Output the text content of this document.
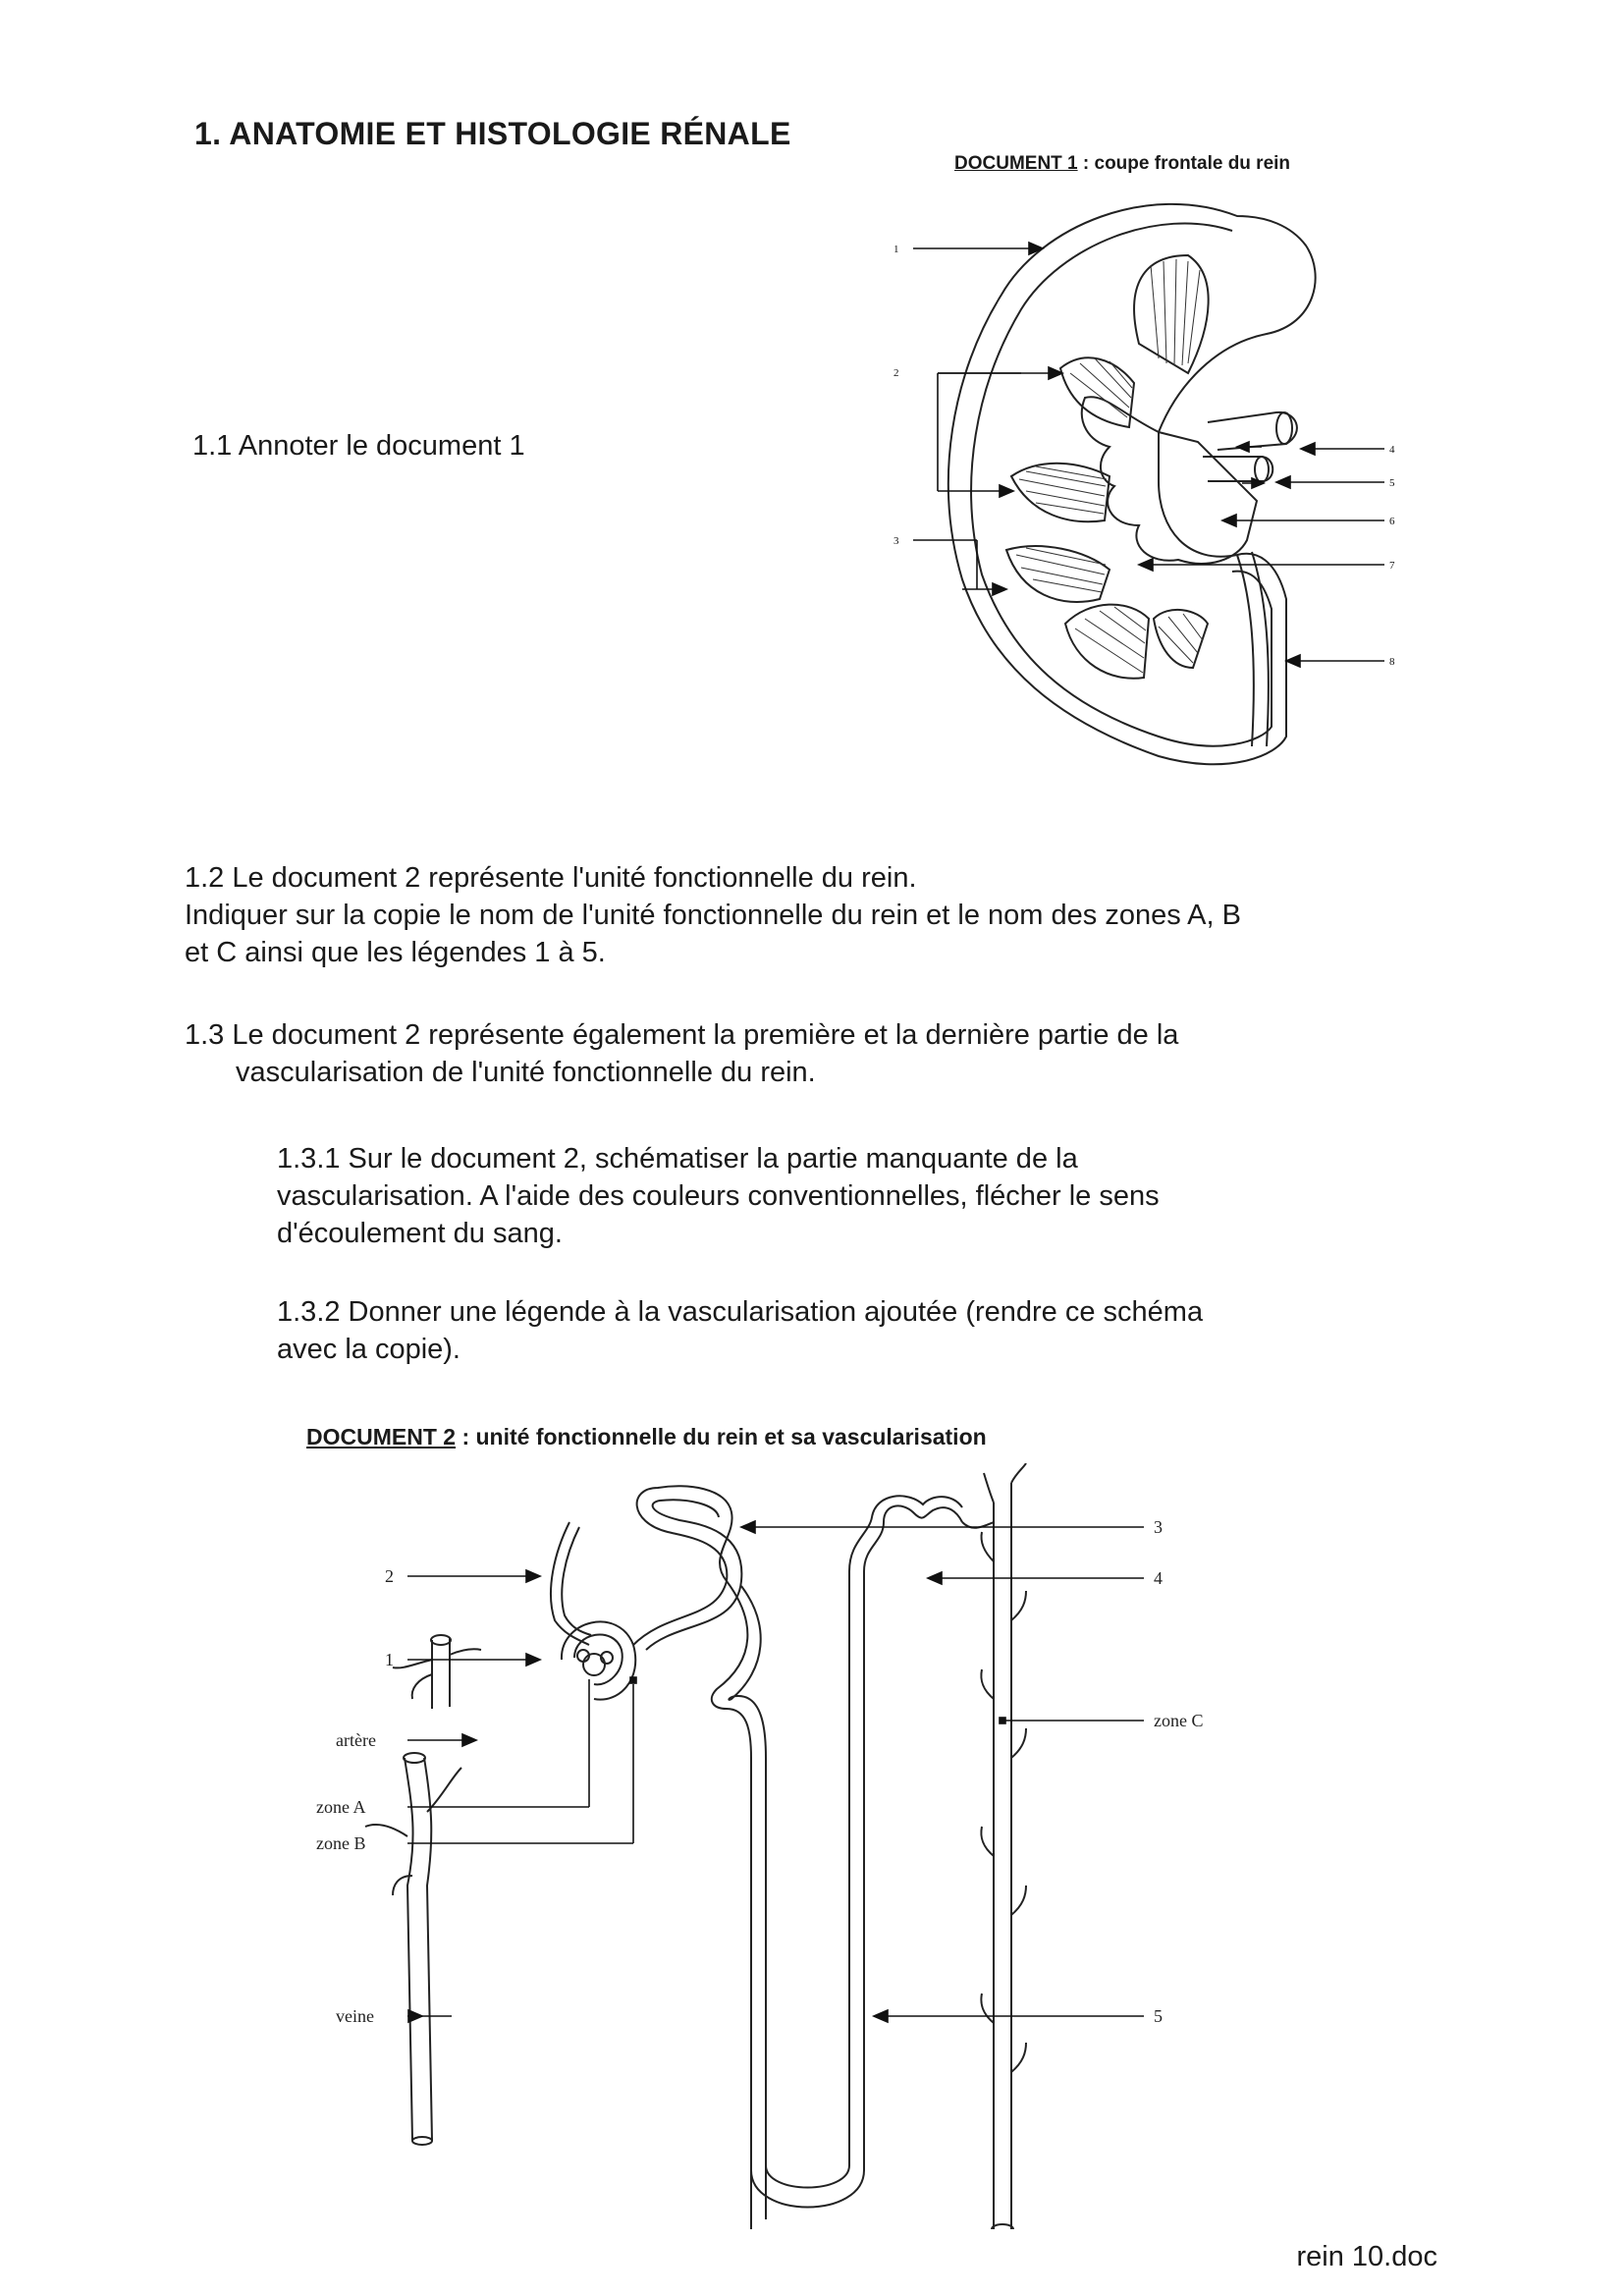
1. ANATOMIE ET HISTOLOGIE RÉNALE
DOCUMENT 1 : coupe frontale du rein
1
2
3
4
5
6
7
8
1.1 Annoter le document 1
1.2 Le document 2 représente l'unité fonctionnelle du rein.
Indiquer sur la copie le nom de l'unité fonctionnelle du rein et le nom des zones A, B
et C ainsi que les légendes 1 à 5.
1.3 Le document 2 représente également la première et la dernière partie de la
vascularisation de l'unité fonctionnelle du rein.
1.3.1 Sur le document 2, schématiser la partie manquante de la
vascularisation. A l'aide des couleurs conventionnelles, flécher le sens
d'écoulement du sang.
1.3.2 Donner une légende à la vascularisation ajoutée (rendre ce schéma
avec la copie).
DOCUMENT 2 : unité fonctionnelle du rein et sa vascularisation
2
1
artère
zone A
zone B
veine
3
4
zone C
5
rein 10.doc
